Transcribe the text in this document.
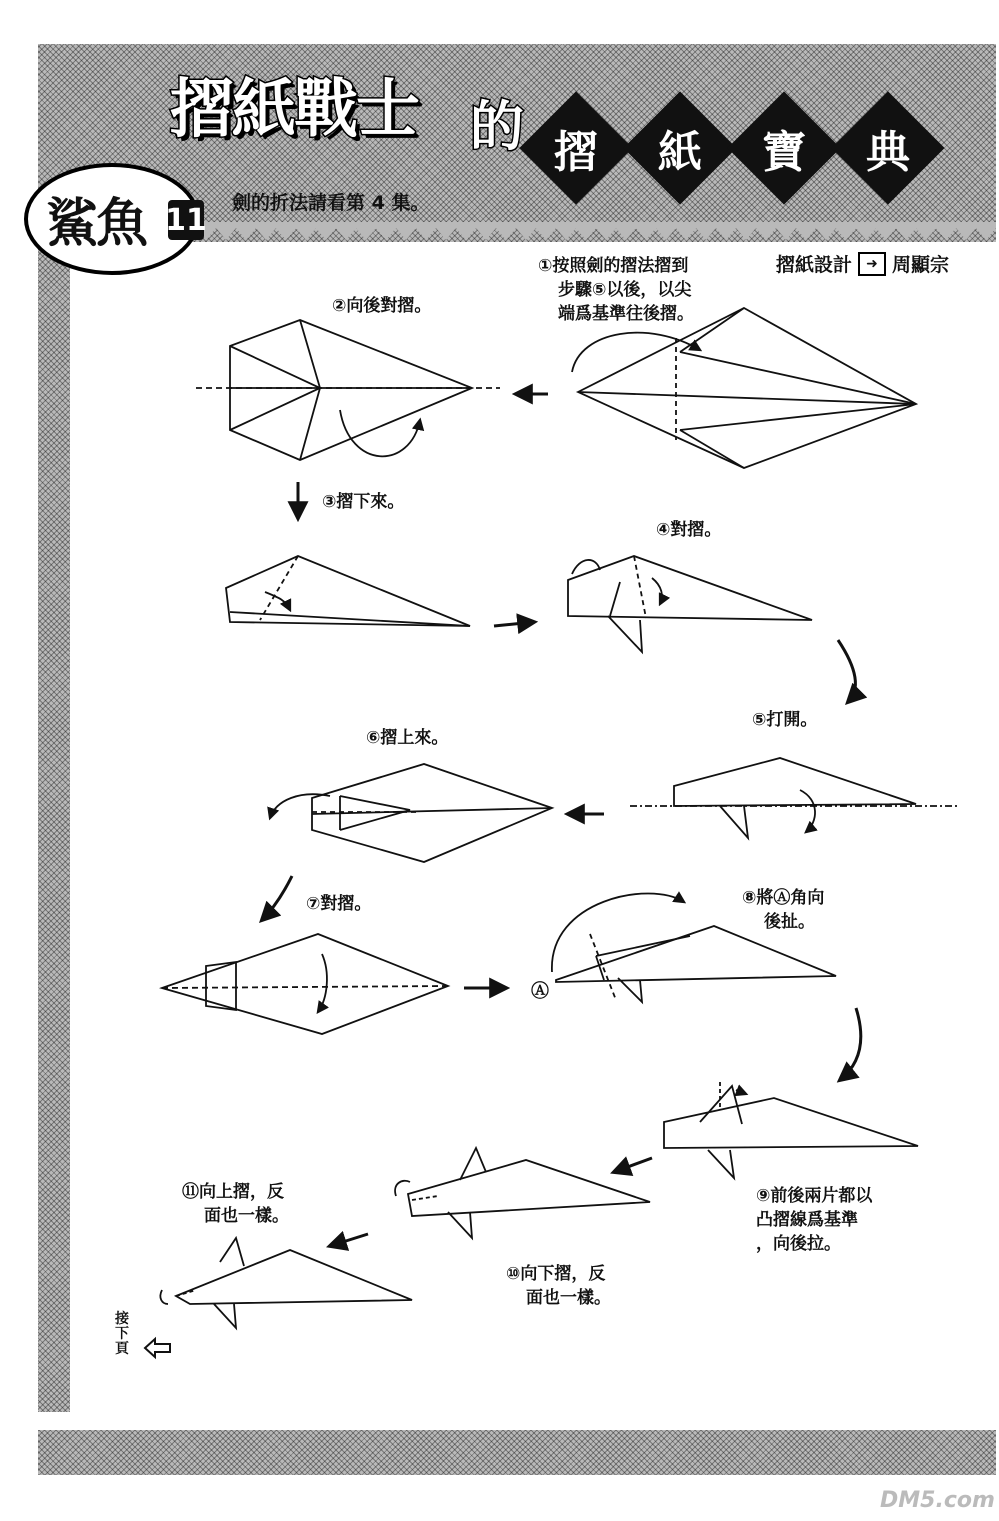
摺紙戰士 的 摺	紙	寶	典
鯊魚 11 劍的折法請看第 4 集。
摺紙設計	➜ 周顯宗
Ⓐ
①按照劍的摺法摺到
步驟⑤以後，以尖
端爲基準往後摺。
②向後對摺。
③摺下來。
④對摺。
⑤打開。
⑥摺上來。
⑦對摺。	⑧將Ⓐ角向
後扯。
⑨前後兩片都以
凸摺線爲基準
，向後拉。
⑩向下摺，反
面也一樣。
⑪向上摺，反
面也一樣。
接
下
頁
DM5.com
